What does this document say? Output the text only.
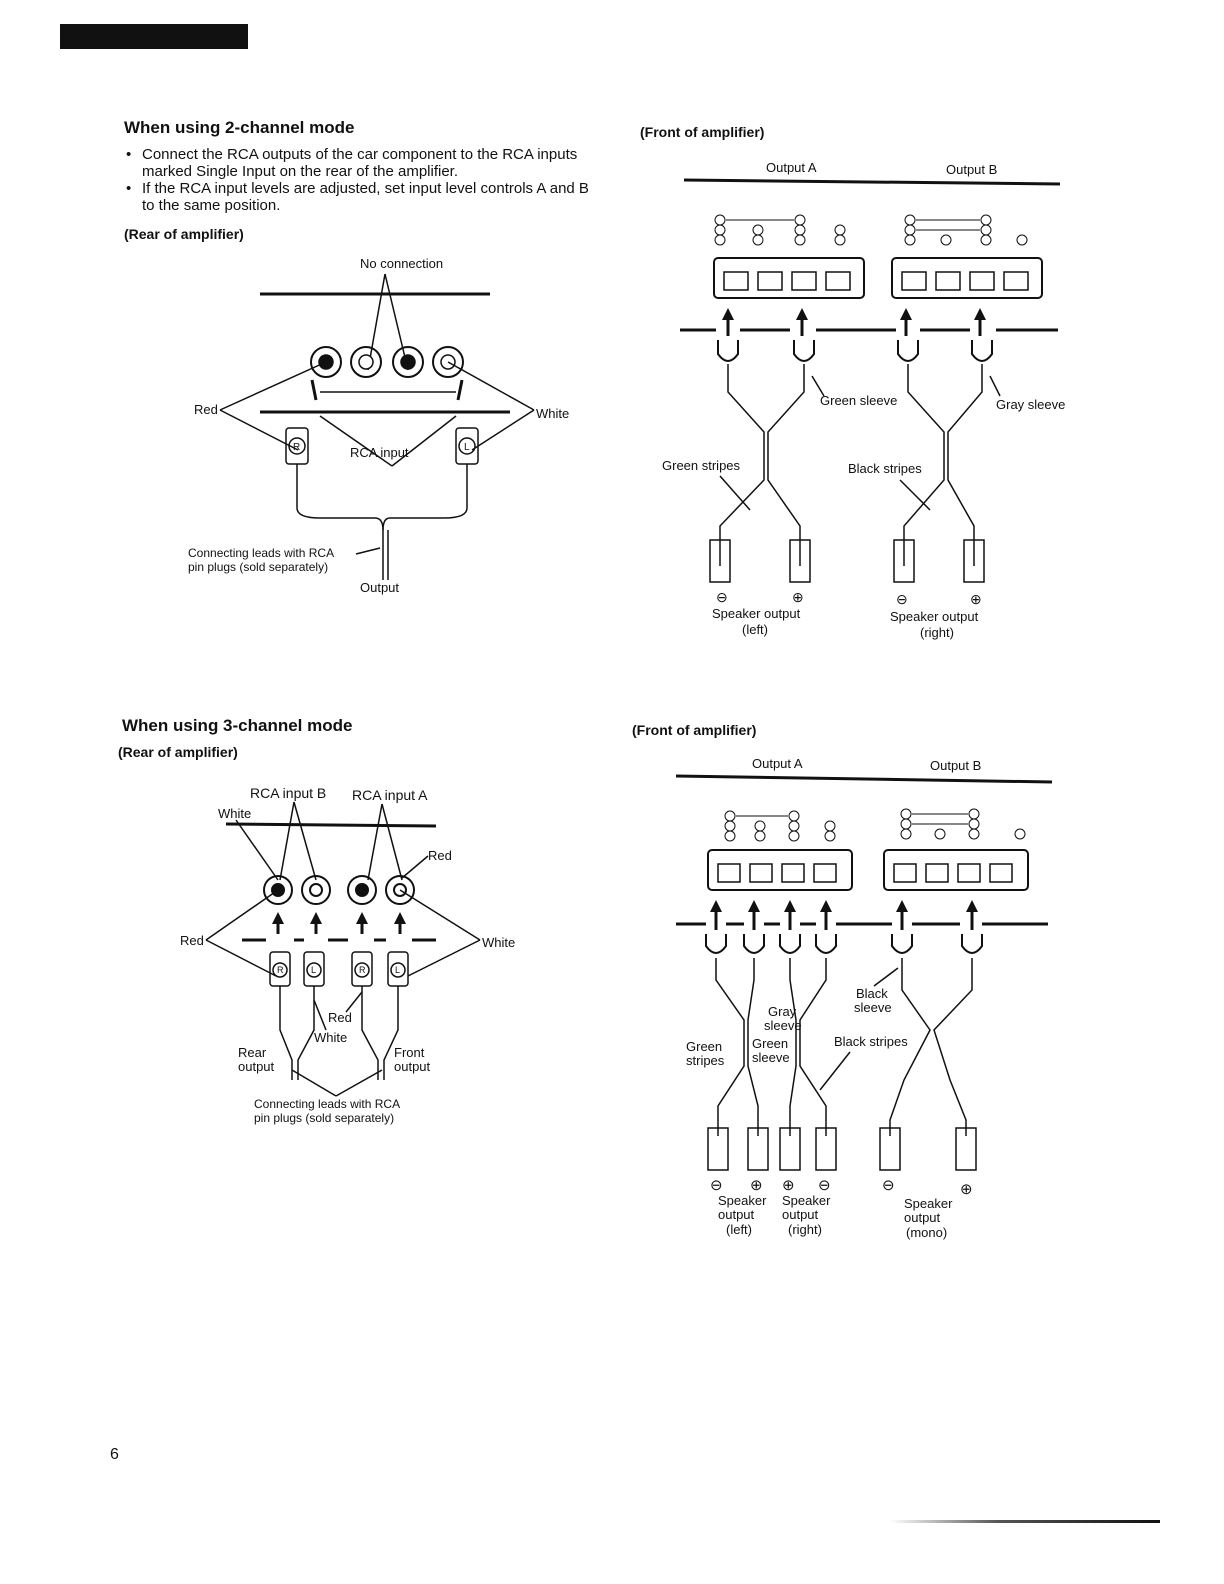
When using 2-channel mode
• Connect the RCA outputs of the car component to the RCA inputs marked Single Input on the rear of the amplifier.
• If the RCA input levels are adjusted, set input level controls A and B to the same position.
(Rear of amplifier)
No connection
Red	White
RCA input
R	L
Connecting leads with RCA
pin plugs (sold separately)
Output
(Front of amplifier)
Output A	Output B
Green sleeve	Gray sleeve
Green stripes	Black stripes
⊖	⊕	⊖	⊕
Speaker output
(left)
Speaker output
(right)
When using 3-channel mode
(Rear of amplifier)
RCA input B RCA input A
White
Red
Red	White
R	L	R	L
Red
White
Rear
output
Front
output
Connecting leads with RCA
pin plugs (sold separately)
(Front of amplifier)
Output A	Output B
Gray
sleeve
Black
sleeve
Green
stripes
Green
sleeve
Black stripes
⊖ ⊕ ⊕ ⊖	⊖	⊕
Speaker
output
(left)
Speaker
output
(right)
Speaker
output
(mono)
6
